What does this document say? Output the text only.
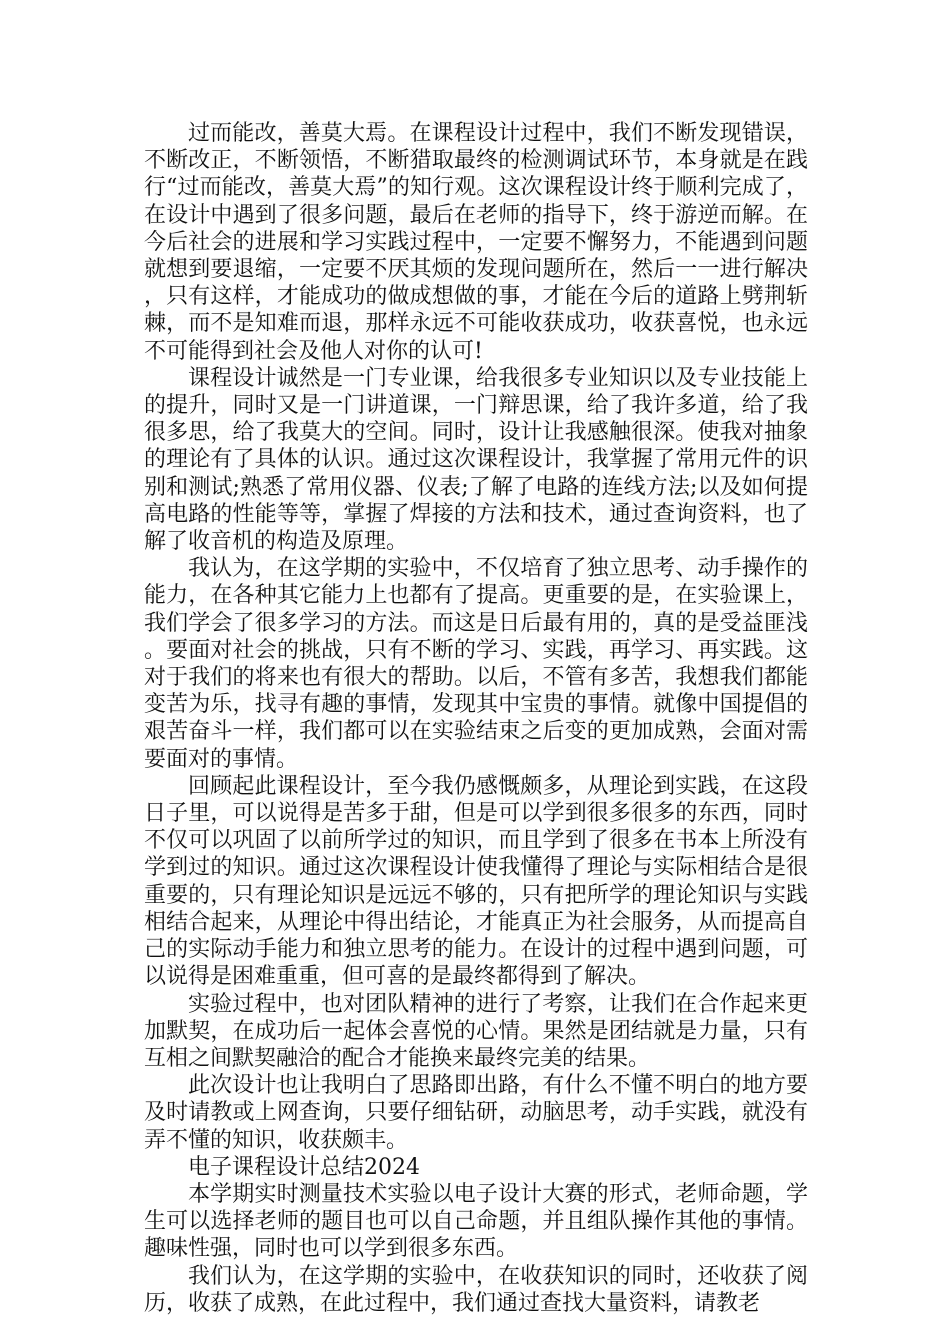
过而能改，善莫大焉。在课程设计过程中，我们不断发现错误，不断改正，不断领悟，不断猎取最终的检测调试环节，本身就是在践行“过而能改，善莫大焉”的知行观。这次课程设计终于顺利完成了，在设计中遇到了很多问题，最后在老师的指导下，终于游逆而解。在今后社会的进展和学习实践过程中，一定要不懈努力，不能遇到问题就想到要退缩，一定要不厌其烦的发现问题所在，然后一一进行解决，只有这样，才能成功的做成想做的事，才能在今后的道路上劈荆斩棘，而不是知难而退，那样永远不可能收获成功，收获喜悦，也永远不可能得到社会及他人对你的认可!

课程设计诚然是一门专业课，给我很多专业知识以及专业技能上的提升，同时又是一门讲道课，一门辩思课，给了我许多道，给了我很多思，给了我莫大的空间。同时，设计让我感触很深。使我对抽象的理论有了具体的认识。通过这次课程设计，我掌握了常用元件的识别和测试;熟悉了常用仪器、仪表;了解了电路的连线方法;以及如何提高电路的性能等等，掌握了焊接的方法和技术，通过查询资料，也了解了收音机的构造及原理。

我认为，在这学期的实验中，不仅培育了独立思考、动手操作的能力，在各种其它能力上也都有了提高。更重要的是，在实验课上，我们学会了很多学习的方法。而这是日后最有用的，真的是受益匪浅。要面对社会的挑战，只有不断的学习、实践，再学习、再实践。这对于我们的将来也有很大的帮助。以后，不管有多苦，我想我们都能变苦为乐，找寻有趣的事情，发现其中宝贵的事情。就像中国提倡的艰苦奋斗一样，我们都可以在实验结束之后变的更加成熟，会面对需要面对的事情。

回顾起此课程设计，至今我仍感慨颇多，从理论到实践，在这段日子里，可以说得是苦多于甜，但是可以学到很多很多的东西，同时不仅可以巩固了以前所学过的知识，而且学到了很多在书本上所没有学到过的知识。通过这次课程设计使我懂得了理论与实际相结合是很重要的，只有理论知识是远远不够的，只有把所学的理论知识与实践相结合起来，从理论中得出结论，才能真正为社会服务，从而提高自己的实际动手能力和独立思考的能力。在设计的过程中遇到问题，可以说得是困难重重，但可喜的是最终都得到了解决。

实验过程中，也对团队精神的进行了考察，让我们在合作起来更加默契，在成功后一起体会喜悦的心情。果然是团结就是力量，只有互相之间默契融洽的配合才能换来最终完美的结果。

此次设计也让我明白了思路即出路，有什么不懂不明白的地方要及时请教或上网查询，只要仔细钻研，动脑思考，动手实践，就没有弄不懂的知识，收获颇丰。

电子课程设计总结2024

本学期实时测量技术实验以电子设计大赛的形式，老师命题，学生可以选择老师的题目也可以自己命题，并且组队操作其他的事情。趣味性强，同时也可以学到很多东西。

我们认为，在这学期的实验中，在收获知识的同时，还收获了阅历，收获了成熟，在此过程中，我们通过查找大量资料，请教老
